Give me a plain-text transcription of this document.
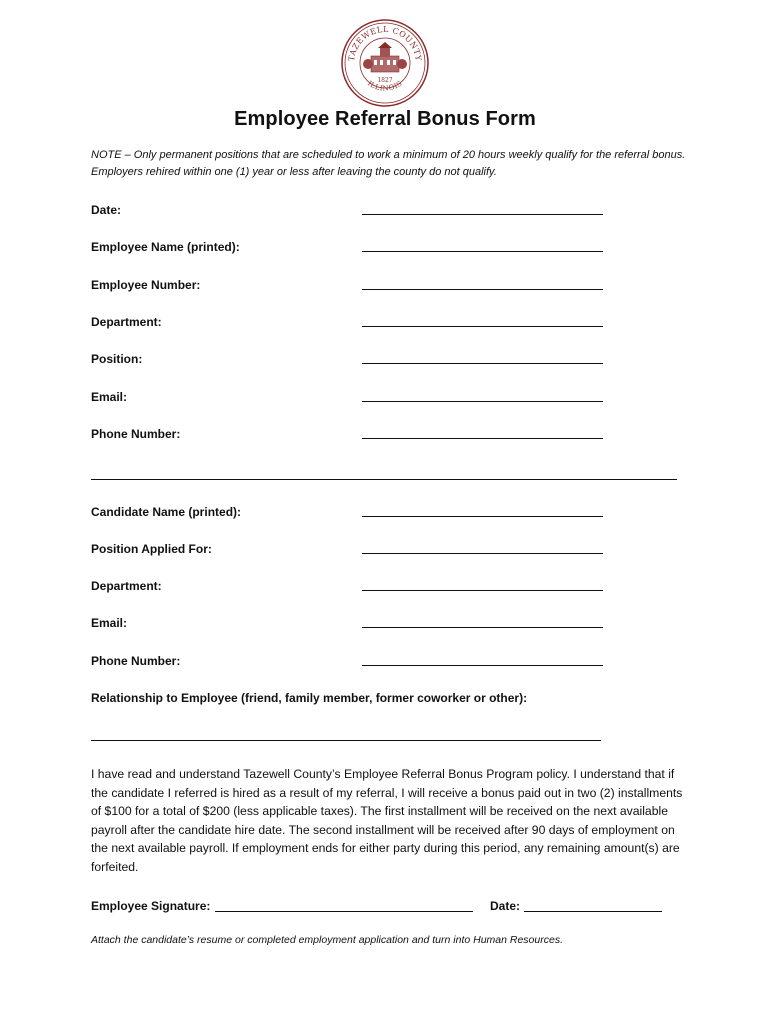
TAZEWELL COUNTY
ILLINOIS
1827
Employee Referral Bonus Form
NOTE – Only permanent positions that are scheduled to work a minimum of 20 hours weekly qualify for the referral bonus. Employers rehired within one (1) year or less after leaving the county do not qualify.
Date:
Employee Name (printed):
Employee Number:
Department:
Position:
Email:
Phone Number:
Candidate Name (printed):
Position Applied For:
Department:
Email:
Phone Number:
Relationship to Employee (friend, family member, former coworker or other):
I have read and understand Tazewell County’s Employee Referral Bonus Program policy. I understand that if the candidate I referred is hired as a result of my referral, I will receive a bonus paid out in two (2) installments of $100 for a total of $200 (less applicable taxes). The first installment will be received on the next available payroll after the candidate hire date. The second installment will be received after 90 days of employment on the next available payroll. If employment ends for either party during this period, any remaining amount(s) are forfeited.
Employee Signature:	Date:
Attach the candidate’s resume or completed employment application and turn into Human Resources.
